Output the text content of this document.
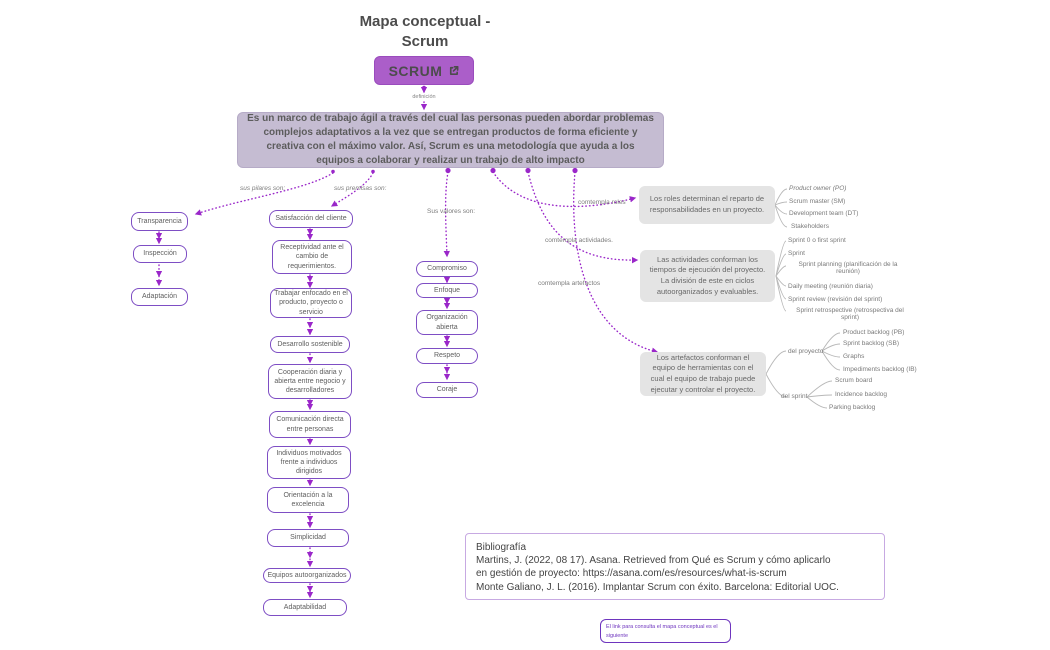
Mapa conceptual - Scrum
SCRUM
definición
sus pilares son:	sus premisas son:
Sus valores son:
comtempla roles
comtempla actividades.
comtempla artefactos
Es un marco de trabajo ágil a través del cual las personas pueden abordar problemas complejos adaptativos a la vez que se entregan productos de forma eficiente y creativa con el máximo valor. Así, Scrum es una metodología que ayuda a los equipos a colaborar y realizar un trabajo de alto impacto
Transparencia
Inspección
Adaptación
Satisfacción del cliente
Receptividad ante el cambio de requerimientos.
Trabajar enfocado en el producto, proyecto o servicio
Desarrollo sostenible
Cooperación diaria y abierta entre negocio y desarrolladores
Comunicación directa entre personas
Individuos motivados frente a individuos dirigidos
Orientación a la excelencia
Simplicidad
Equipos autoorganizados
Adaptabilidad
Compromiso
Enfoque
Organización abierta
Respeto
Coraje
Los roles determinan el reparto de responsabilidades en un proyecto.
Las actividades conforman los tiempos de ejecución del proyecto. La división de este en ciclos autoorganizados y evaluables.
Los artefactos conforman el equipo de herramientas con el cual el equipo de trabajo puede ejecutar y controlar el proyecto.
Product owner (PO)
Scrum master (SM)
Development team (DT)
Stakeholders
Sprint 0 o first sprint
Sprint
Sprint planning (planificación de la reunión)
Daily meeting (reunión diaria)
Sprint review (revisión del sprint)
Sprint retrospective (retrospectiva del sprint)
del proyecto
del sprint
Product backlog (PB)
Sprint backlog (SB)
Graphs
Impediments backlog (IB)
Scrum board
Incidence backlog
Parking backlog
Bibliografía
Martins, J. (2022, 08 17). Asana. Retrieved from Qué es Scrum y cómo aplicarlo
en gestión de proyecto: https://asana.com/es/resources/what-is-scrum
Monte Galiano, J. L. (2016). Implantar Scrum con éxito. Barcelona: Editorial UOC.
El link para consulta el mapa conceptual es el siguiente
